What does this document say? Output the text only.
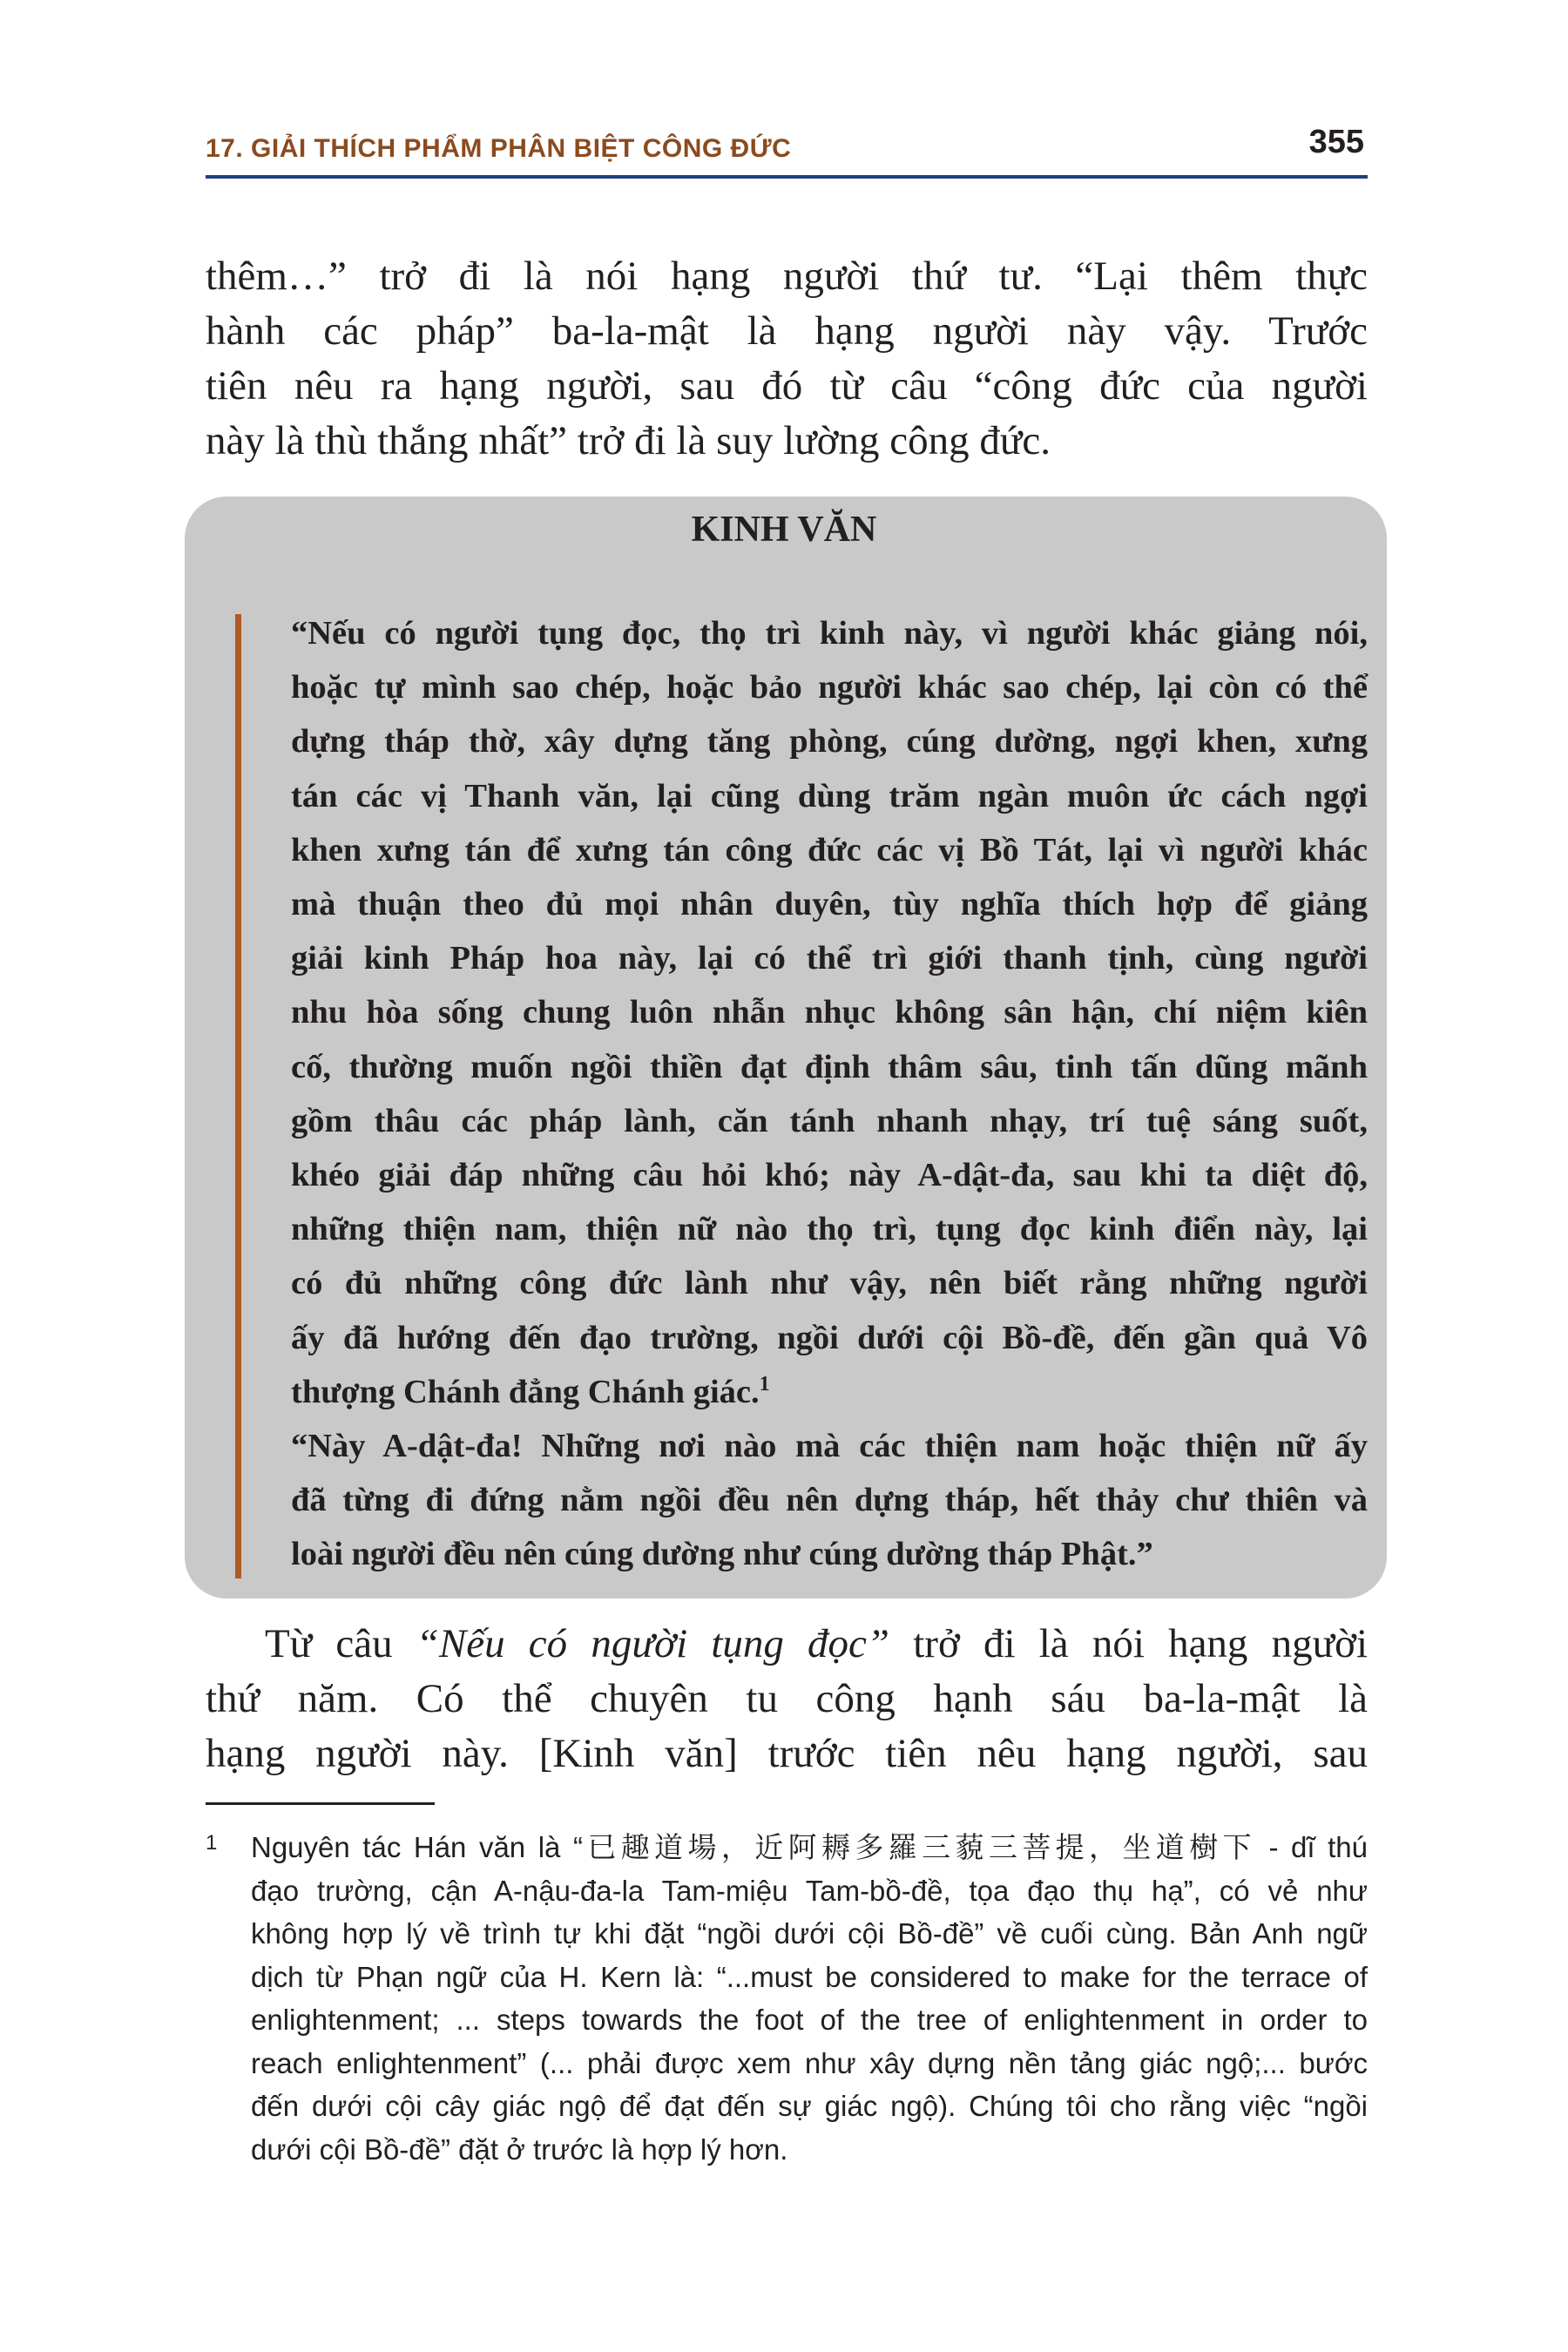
17. GIẢI THÍCH PHẨM PHÂN BIỆT CÔNG ĐỨC	355
thêm…” trở đi là nói hạng người thứ tư. “Lại thêm thực
hành các pháp” ba-la-mật là hạng người này vậy. Trước
tiên nêu ra hạng người, sau đó từ câu “công đức của người
này là thù thắng nhất” trở đi là suy lường công đức.
KINH VĂN
“Nếu có người tụng đọc, thọ trì kinh này, vì người khác giảng nói,
hoặc tự mình sao chép, hoặc bảo người khác sao chép, lại còn có thể
dựng tháp thờ, xây dựng tăng phòng, cúng dường, ngợi khen, xưng
tán các vị Thanh văn, lại cũng dùng trăm ngàn muôn ức cách ngợi
khen xưng tán để xưng tán công đức các vị Bồ Tát, lại vì người khác
mà thuận theo đủ mọi nhân duyên, tùy nghĩa thích hợp để giảng
giải kinh Pháp hoa này, lại có thể trì giới thanh tịnh, cùng người
nhu hòa sống chung luôn nhẫn nhục không sân hận, chí niệm kiên
cố, thường muốn ngồi thiền đạt định thâm sâu, tinh tấn dũng mãnh
gồm thâu các pháp lành, căn tánh nhanh nhạy, trí tuệ sáng suốt,
khéo giải đáp những câu hỏi khó; này A-dật-đa, sau khi ta diệt độ,
những thiện nam, thiện nữ nào thọ trì, tụng đọc kinh điển này, lại
có đủ những công đức lành như vậy, nên biết rằng những người
ấy đã hướng đến đạo trường, ngồi dưới cội Bồ-đề, đến gần quả Vô
thượng Chánh đẳng Chánh giác.$^1$
“Này A-dật-đa! Những nơi nào mà các thiện nam hoặc thiện nữ ấy
đã từng đi đứng nằm ngồi đều nên dựng tháp, hết thảy chư thiên và
loài người đều nên cúng dường như cúng dường tháp Phật.”
Từ câu “Nếu có người tụng đọc” trở đi là nói hạng người
thứ năm. Có thể chuyên tu công hạnh sáu ba-la-mật là
hạng người này. [Kinh văn] trước tiên nêu hạng người, sau
1 Nguyên tác Hán văn là “已趣道場，近阿耨多羅三藐三菩提，坐道樹下 - dĩ thú
đạo trường, cận A-nậu-đa-la Tam-miệu Tam-bồ-đề, tọa đạo thụ hạ”, có vẻ như
không hợp lý về trình tự khi đặt “ngồi dưới cội Bồ-đề” về cuối cùng. Bản Anh ngữ
dịch từ Phạn ngữ của H. Kern là: “...must be considered to make for the terrace of
enlightenment; ... steps towards the foot of the tree of enlightenment in order to
reach enlightenment” (... phải được xem như xây dựng nền tảng giác ngộ;... bước
đến dưới cội cây giác ngộ để đạt đến sự giác ngộ). Chúng tôi cho rằng việc “ngồi
dưới cội Bồ-đề” đặt ở trước là hợp lý hơn.
